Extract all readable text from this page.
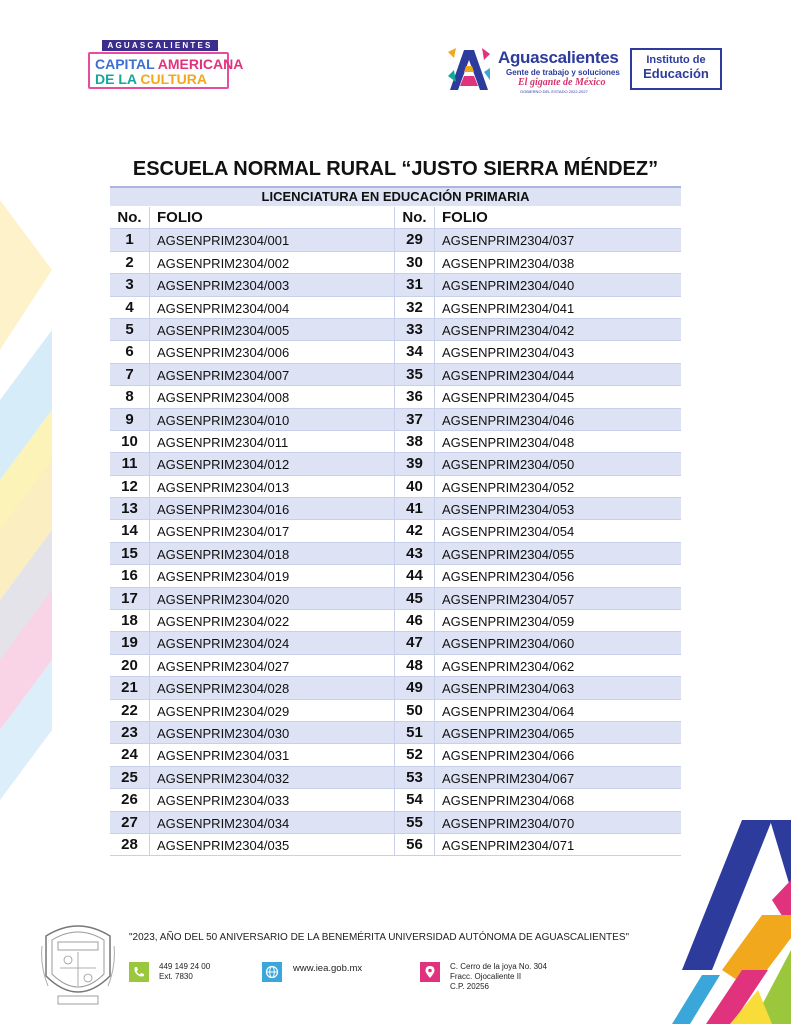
AGUASCALIENTES
CAPITAL AMERICANA
DE LA CULTURA
Aguascalientes
Gente de trabajo y soluciones
El gigante de México
GOBIERNO DEL ESTADO 2022-2027
Instituto de
Educación
ESCUELA NORMAL RURAL “JUSTO SIERRA MÉNDEZ”
LICENCIATURA EN EDUCACIÓN PRIMARIA
No.	FOLIO	No.	FOLIO
1	AGSENPRIM2304/001	29	AGSENPRIM2304/037
2	AGSENPRIM2304/002	30	AGSENPRIM2304/038
3	AGSENPRIM2304/003	31	AGSENPRIM2304/040
4	AGSENPRIM2304/004	32	AGSENPRIM2304/041
5	AGSENPRIM2304/005	33	AGSENPRIM2304/042
6	AGSENPRIM2304/006	34	AGSENPRIM2304/043
7	AGSENPRIM2304/007	35	AGSENPRIM2304/044
8	AGSENPRIM2304/008	36	AGSENPRIM2304/045
9	AGSENPRIM2304/010	37	AGSENPRIM2304/046
10	AGSENPRIM2304/011	38	AGSENPRIM2304/048
11	AGSENPRIM2304/012	39	AGSENPRIM2304/050
12	AGSENPRIM2304/013	40	AGSENPRIM2304/052
13	AGSENPRIM2304/016	41	AGSENPRIM2304/053
14	AGSENPRIM2304/017	42	AGSENPRIM2304/054
15	AGSENPRIM2304/018	43	AGSENPRIM2304/055
16	AGSENPRIM2304/019	44	AGSENPRIM2304/056
17	AGSENPRIM2304/020	45	AGSENPRIM2304/057
18	AGSENPRIM2304/022	46	AGSENPRIM2304/059
19	AGSENPRIM2304/024	47	AGSENPRIM2304/060
20	AGSENPRIM2304/027	48	AGSENPRIM2304/062
21	AGSENPRIM2304/028	49	AGSENPRIM2304/063
22	AGSENPRIM2304/029	50	AGSENPRIM2304/064
23	AGSENPRIM2304/030	51	AGSENPRIM2304/065
24	AGSENPRIM2304/031	52	AGSENPRIM2304/066
25	AGSENPRIM2304/032	53	AGSENPRIM2304/067
26	AGSENPRIM2304/033	54	AGSENPRIM2304/068
27	AGSENPRIM2304/034	55	AGSENPRIM2304/070
28	AGSENPRIM2304/035	56	AGSENPRIM2304/071
"2023, AÑO DEL 50 ANIVERSARIO DE LA BENEMÉRITA UNIVERSIDAD AUTÓNOMA DE AGUASCALIENTES"
449 149 24 00
Ext. 7830
www.iea.gob.mx	C. Cerro de la joya No. 304
Fracc. Ojocaliente II
C.P. 20256
